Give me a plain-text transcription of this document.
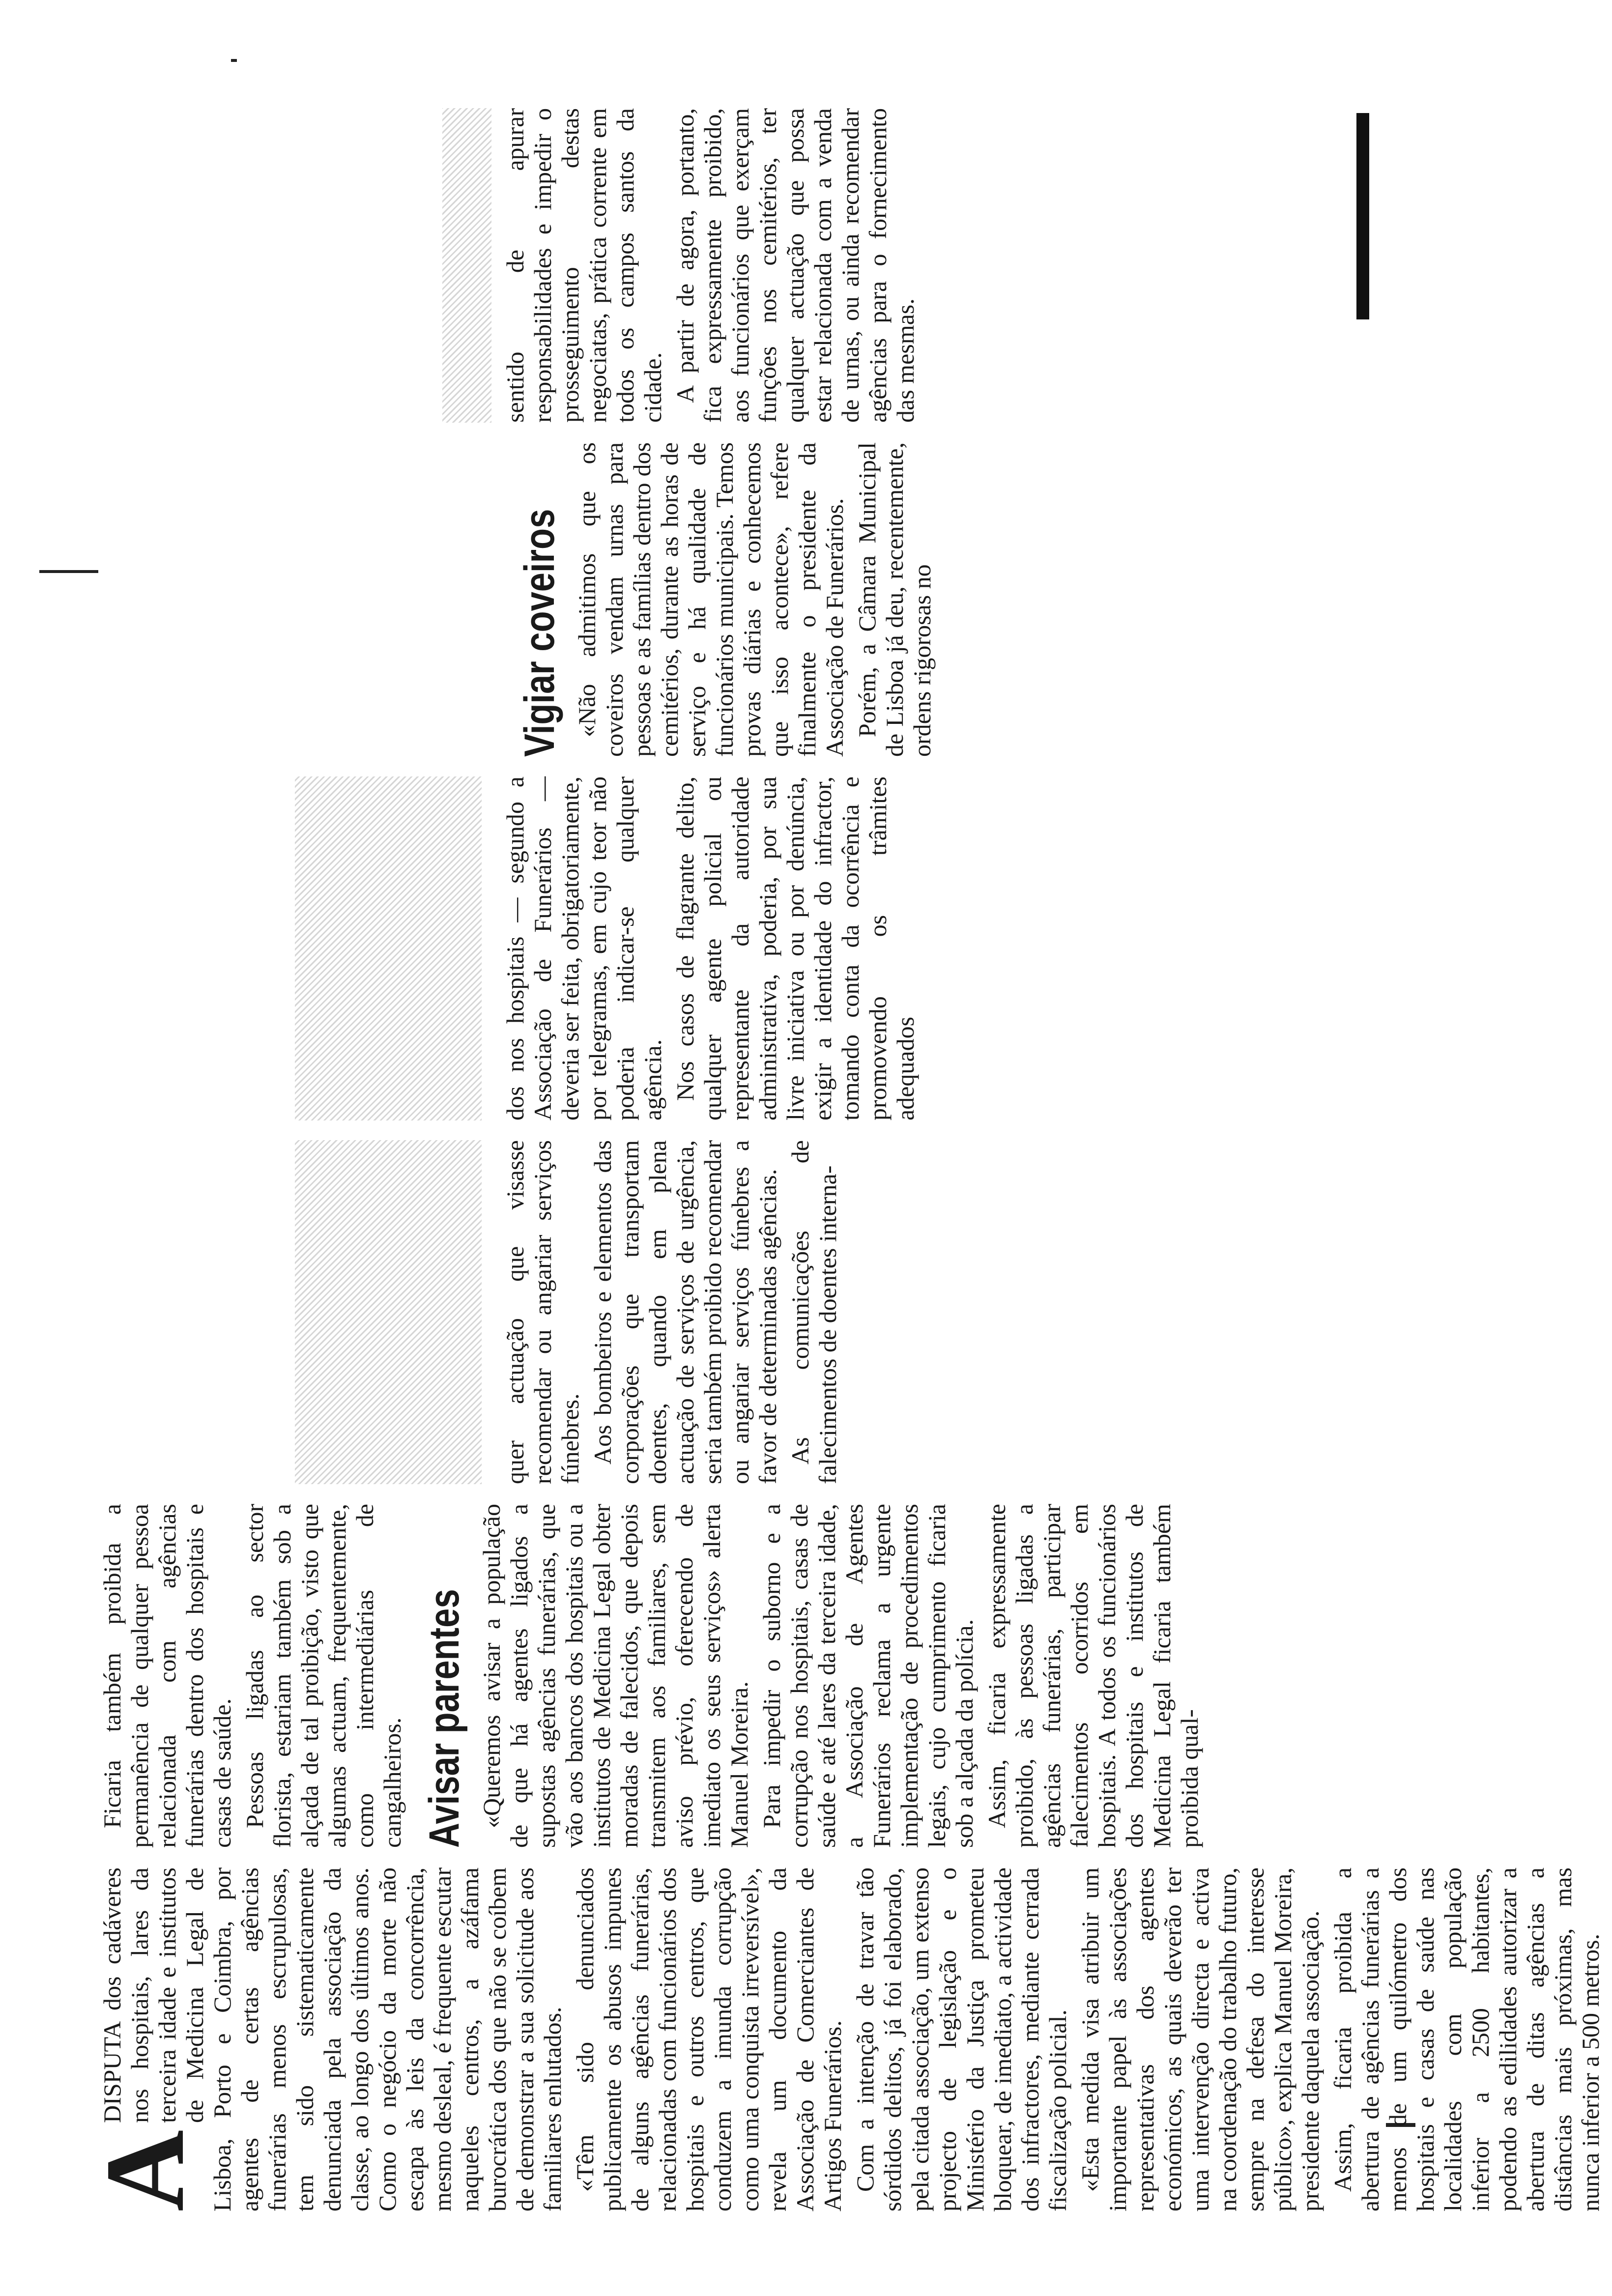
A

DISPUTA dos cadáveres nos hospitais, lares da terceira idade e institutos de Medicina Legal de Lisboa, Porto e Coimbra, por agentes de certas agências funerárias menos escrupulosas, tem sido sistematicamente denunciada pela associação da classe, ao longo dos últimos anos. Como o negócio da morte não escapa às leis da concorrência, mesmo desleal, é frequente escutar naqueles centros, a azáfama burocrática dos que não se coíbem de demonstrar a sua solicitude aos familiares enlutados. «Têm sido denunciados publicamente os abusos impunes de alguns agências funerárias, relacionadas com funcionários dos hospitais e outros centros, que conduzem a imunda corrupção como uma conquista irreversível», revela um documento da Associação de Comerciantes de Artigos Funerários. Com a intenção de travar tão sórdidos delitos, já foi elaborado, pela citada associação, um extenso projecto de legislação e o Ministério da Justiça prometeu bloquear, de imediato, a actividade dos infractores, mediante cerrada fiscalização policial. «Esta medida visa atribuir um importante papel às associações representativas dos agentes económicos, as quais deverão ter uma intervenção directa e activa na coordenação do trabalho futuro, sempre na defesa do interesse público», explica Manuel Moreira, presidente daquela associação. Assim, ficaria proibida a abertura de agências funerárias a menos de um quilómetro dos hospitais e casas de saúde nas localidades com população inferior a 2500 habitantes, podendo as edilidades autorizar a abertura de ditas agências a distâncias mais próximas, mas nunca inferior a 500 metros.

Ficaria também proibida a permanência de qualquer pessoa relacionada com agências funerárias dentro dos hospitais e casas de saúde. Pessoas ligadas ao sector florista, estariam também sob a alçada de tal proibição, visto que algumas actuam, frequentemente, como intermediárias de cangalheiros. Avisar parentes «Queremos avisar a população de que há agentes ligados a supostas agências funerárias, que vão aos bancos dos hospitais ou a institutos de Medicina Legal obter moradas de falecidos, que depois transmitem aos familiares, sem aviso prévio, oferecendo de imediato os seus serviços» alerta Manuel Moreira. Para impedir o suborno e a corrupção nos hospitais, casas de saúde e até lares da terceira idade, a Associação de Agentes Funerários reclama a urgente implementação de procedimentos legais, cujo cumprimento ficaria sob a alçada da polícia. Assim, ficaria expressamente proibido, às pessoas ligadas a agências funerárias, participar falecimentos ocorridos em hospitais. A todos os funcionários dos hospitais e institutos de Medicina Legal ficaria também proibida qual-

quer actuação que visasse recomendar ou angariar serviços fúnebres. Aos bombeiros e elementos das corporações que transportam doentes, quando em plena actuação de serviços de urgência, seria também proibido recomendar ou angariar serviços fúnebres a favor de determinadas agências. As comunicações de falecimentos de doentes interna-

dos nos hospitais — segundo a Associação de Funerários — deveria ser feita, obrigatoriamente, por telegramas, em cujo teor não poderia indicar-se qualquer agência. Nos casos de flagrante delito, qualquer agente policial ou representante da autoridade administrativa, poderia, por sua livre iniciativa ou por denúncia, exigir a identidade do infractor, tomando conta da ocorrência e promovendo os trâmites adequados

Vigiar coveiros «Não admitimos que os coveiros vendam urnas para pessoas e as famílias dentro dos cemitérios, durante as horas de serviço e há qualidade de funcionários municipais. Temos provas diárias e conhecemos que isso acontece», refere finalmente o presidente da Associação de Funerários. Porém, a Câmara Municipal de Lisboa já deu, recentemente, ordens rigorosas no

sentido de apurar responsabilidades e impedir o prosseguimento destas negociatas, prática corrente em todos os campos santos da cidade. A partir de agora, portanto, fica expressamente proibido, aos funcionários que exerçam funções nos cemitérios, ter qualquer actuação que possa estar relacionada com a venda de urnas, ou ainda recomendar agências para o fornecimento das mesmas.
